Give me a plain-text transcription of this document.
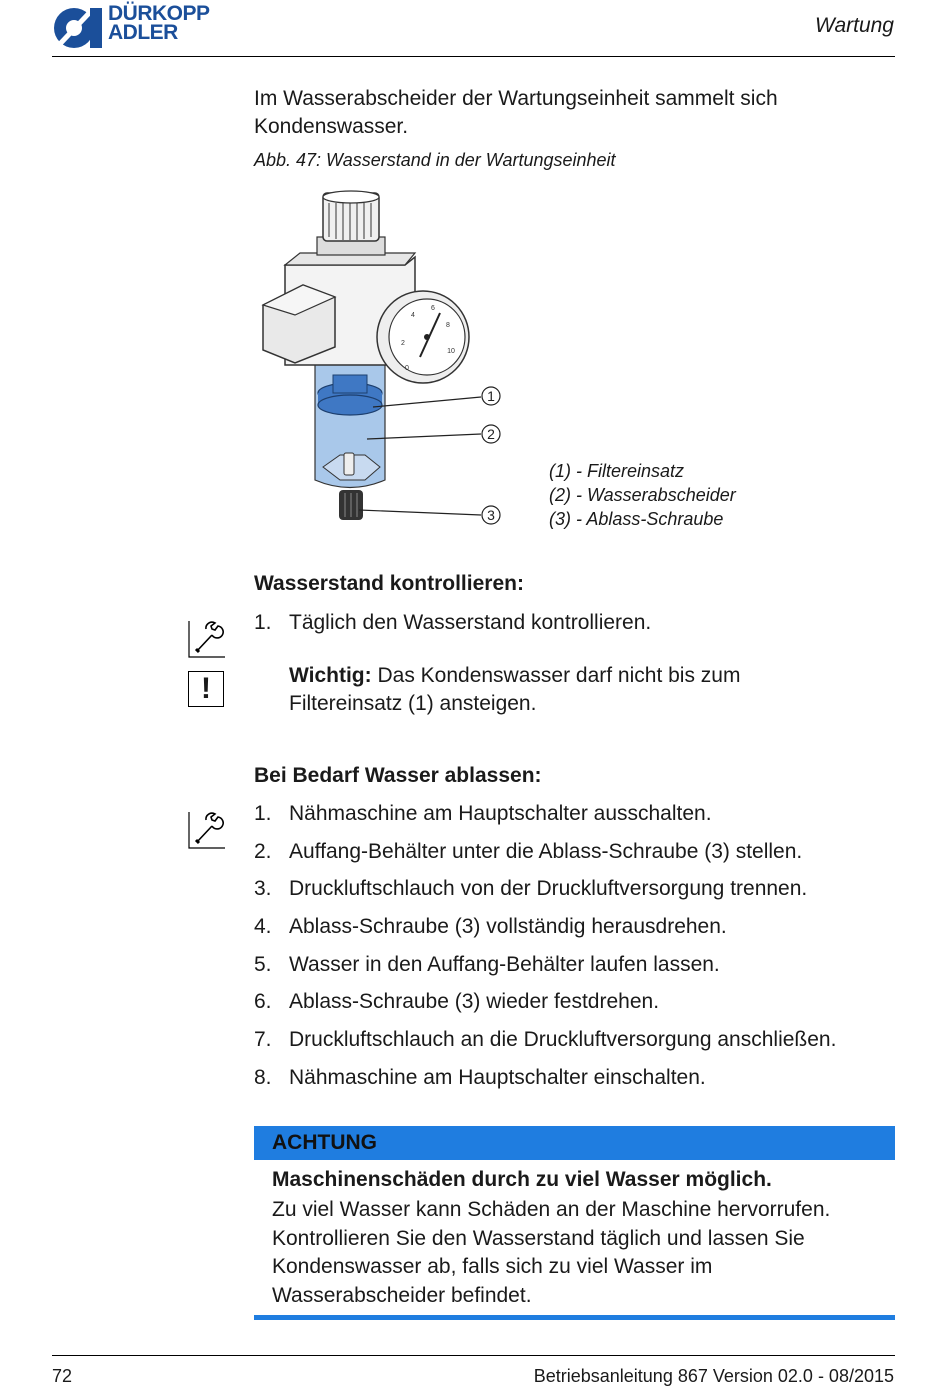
DÜRKOPP
ADLER	Wartung
Im Wasserabscheider der Wartungseinheit sammelt sich Kondenswasser.
Abb. 47: Wasserstand in der Wartungseinheit
0
2
4
6
8
10
1
2
3
(1) - Filtereinsatz
(2) - Wasserabscheider
(3) - Ablass-Schraube
Wasserstand kontrollieren:
1. Täglich den Wasserstand kontrollieren.
!	Wichtig: Das Kondenswasser darf nicht bis zum Filtereinsatz (1) ansteigen.
Bei Bedarf Wasser ablassen:
1. Nähmaschine am Hauptschalter ausschalten.
2. Auffang-Behälter unter die Ablass-Schraube (3) stellen.
3. Druckluftschlauch von der Druckluftversorgung trennen.
4. Ablass-Schraube (3) vollständig herausdrehen.
5. Wasser in den Auffang-Behälter laufen lassen.
6. Ablass-Schraube (3) wieder festdrehen.
7. Druckluftschlauch an die Druckluftversorgung anschließen.
8. Nähmaschine am Hauptschalter einschalten.
ACHTUNG
Maschinenschäden durch zu viel Wasser möglich.
Zu viel Wasser kann Schäden an der Maschine hervorrufen. Kontrollieren Sie den Wasserstand täglich und lassen Sie Kondenswasser ab, falls sich zu viel Wasser im Wasserabscheider befindet.
72	Betriebsanleitung 867 Version 02.0 - 08/2015
